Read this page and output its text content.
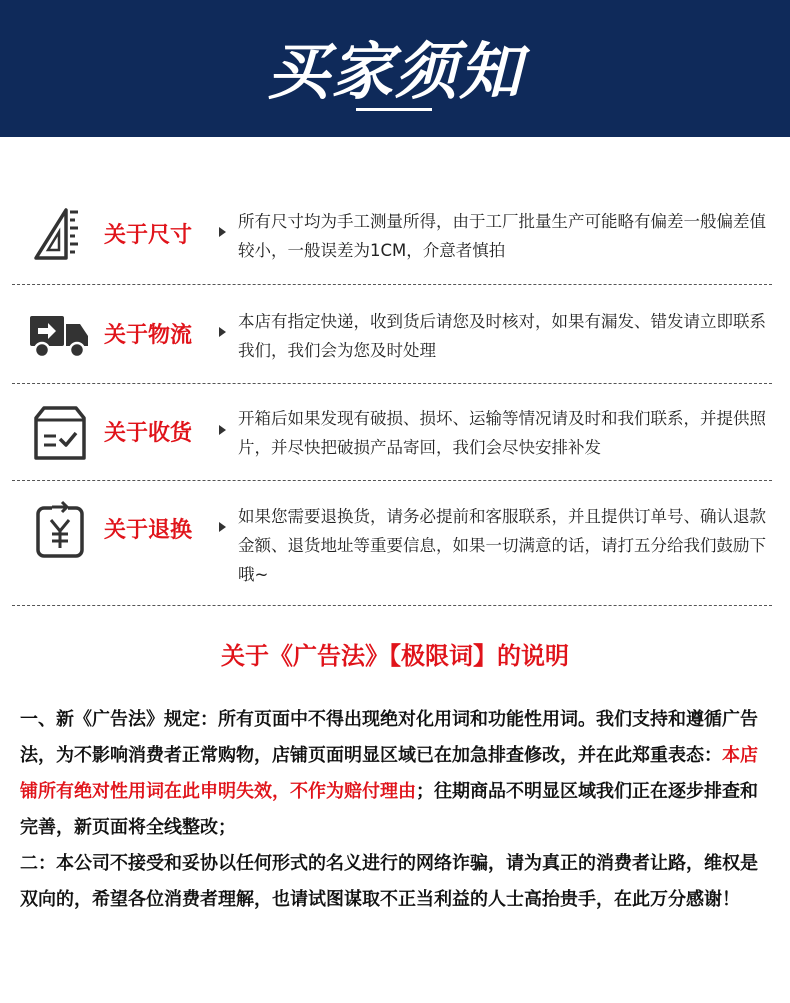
买家须知
关于尺寸
所有尺寸均为手工测量所得，由于工厂批量生产可能略有偏差一般偏差值较小，一般误差为1CM，介意者慎拍
关于物流
本店有指定快递，收到货后请您及时核对，如果有漏发、错发请立即联系我们，我们会为您及时处理
关于收货
开箱后如果发现有破损、损坏、运输等情况请及时和我们联系，并提供照片，并尽快把破损产品寄回，我们会尽快安排补发
关于退换
如果您需要退换货，请务必提前和客服联系，并且提供订单号、确认退款金额、退货地址等重要信息，如果一切满意的话，请打五分给我们鼓励下哦~
关于《广告法》【极限词】的说明
一、新《广告法》规定：所有页面中不得出现绝对化用词和功能性用词。我们支持和遵循广告法，为不影响消费者正常购物，店铺页面明显区域已在加急排查修改，并在此郑重表态：本店铺所有绝对性用词在此申明失效，不作为赔付理由；往期商品不明显区域我们正在逐步排查和完善，新页面将全线整改；
二：本公司不接受和妥协以任何形式的名义进行的网络诈骗，请为真正的消费者让路，维权是双向的，希望各位消费者理解，也请试图谋取不正当利益的人士高抬贵手，在此万分感谢！
